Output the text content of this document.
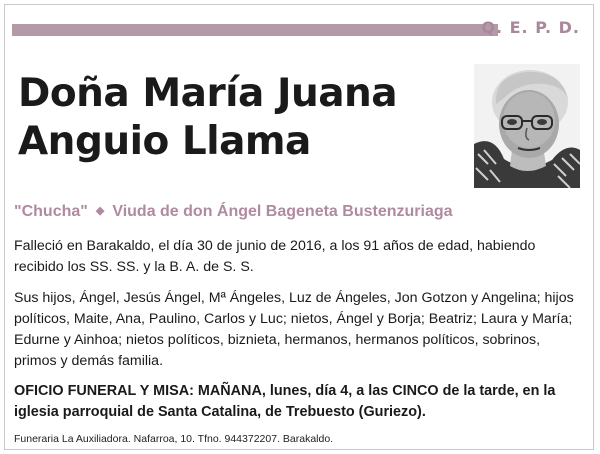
Q. E. P. D.
Doña María Juana
Anguio Llama
"Chucha" ◆ Viuda de don Ángel Bageneta Bustenzuriaga
Falleció en Barakaldo, el día 30 de junio de 2016, a los 91 años de edad, habiendo recibido los SS. SS. y la B. A. de S. S.
Sus hijos, Ángel, Jesús Ángel, Mª Ángeles, Luz de Ángeles, Jon Gotzon y Angelina; hijos políticos, Maite, Ana, Paulino, Carlos y Luc; nietos, Ángel y Borja; Beatriz; Laura y María; Edurne y Ainhoa; nietos políticos, biznieta, hermanos, hermanos políticos, sobrinos, primos y demás familia.
OFICIO FUNERAL Y MISA: MAÑANA, lunes, día 4, a las CINCO de la tarde, en la iglesia parroquial de Santa Catalina, de Trebuesto (Guriezo).
Funeraria La Auxiliadora. Nafarroa, 10. Tfno. 944372207. Barakaldo.
